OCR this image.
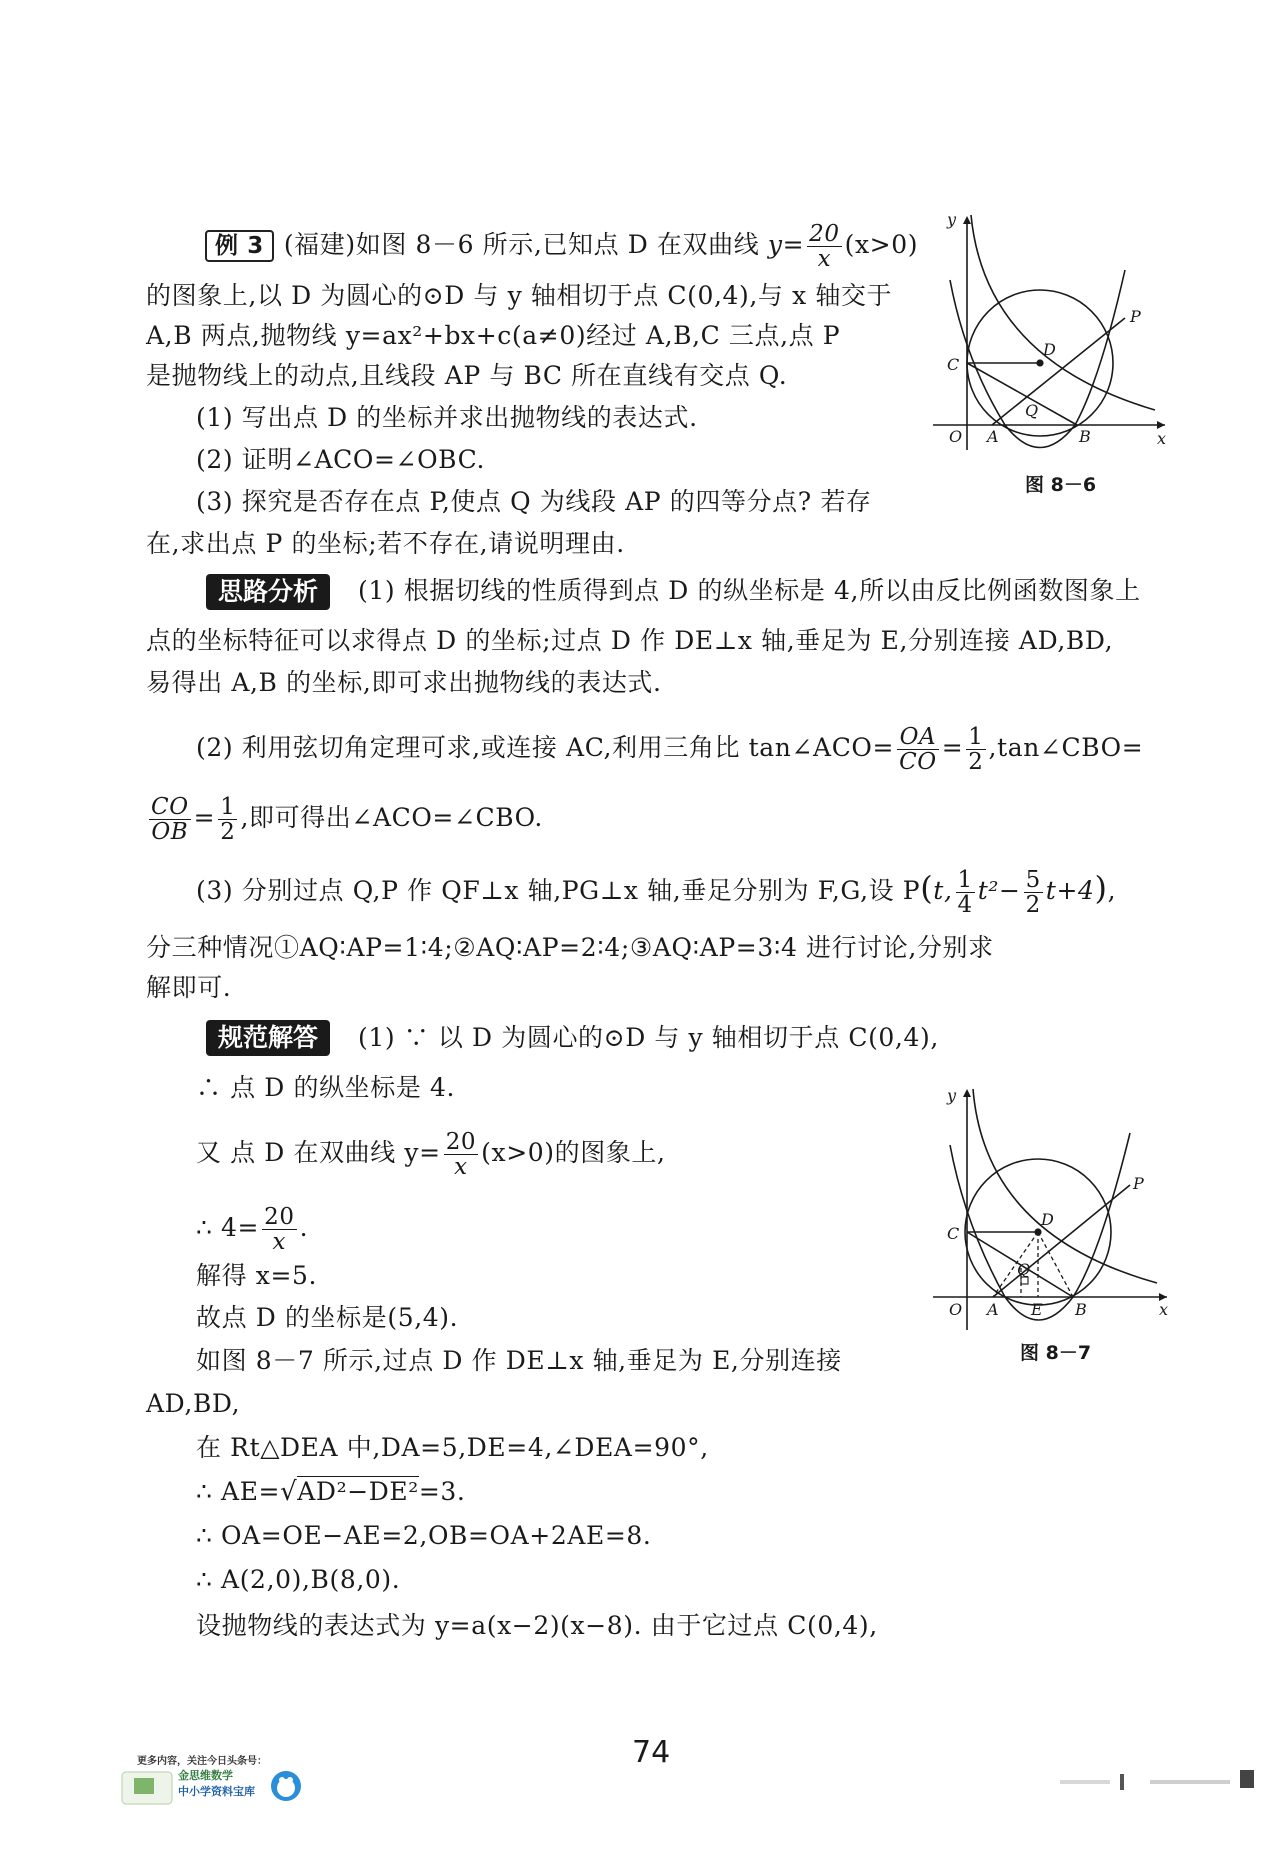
例 3 (福建)如图 8－6 所示,已知点 D 在双曲线 $y= \frac{20}{x} (x>0)$
的图象上,以 D 为圆心的⊙D 与 y 轴相切于点 C(0,4),与 x 轴交于
A,B 两点,抛物线 y=ax²+bx+c(a≠0)经过 A,B,C 三点,点 P
是抛物线上的动点,且线段 AP 与 BC 所在直线有交点 Q.
(1) 写出点 D 的坐标并求出抛物线的表达式.
(2) 证明∠ACO=∠OBC.
(3) 探究是否存在点 P,使点 Q 为线段 AP 的四等分点? 若存
在,求出点 P 的坐标;若不存在,请说明理由.
y
x
O A	B
C
D
P
Q
图 8－6
思路分析	(1) 根据切线的性质得到点 D 的纵坐标是 4,所以由反比例函数图象上
点的坐标特征可以求得点 D 的坐标;过点 D 作 DE⊥x 轴,垂足为 E,分别连接 AD,BD,
易得出 A,B 的坐标,即可求出抛物线的表达式.
(2) 利用弦切角定理可求,或连接 AC,利用三角比 tan∠ACO= $\frac{OA}{CO} = \frac{1}{2}$ ,tan∠CBO=
$\frac{CO}{OB} = \frac{1}{2}$ ,即可得出∠ACO=∠CBO.
(3) 分别过点 Q,P 作 QF⊥x 轴,PG⊥x 轴,垂足分别为 F,G,设 P(t, $\frac{1}{4} t^2- \frac{5}{2} t+4$),
分三种情况①AQ∶AP=1∶4;②AQ∶AP=2∶4;③AQ∶AP=3∶4 进行讨论,分别求
解即可.
规范解答	(1) ∵ 以 D 为圆心的⊙D 与 y 轴相切于点 C(0,4),
∴ 点 D 的纵坐标是 4.
又 点 D 在双曲线 $y= \frac{20}{x} (x>0)$的图象上,
∴ $4= \frac{20}{x}$ .
解得 x=5.
故点 D 的坐标是(5,4).
如图 8－7 所示,过点 D 作 DE⊥x 轴,垂足为 E,分别连接
AD,BD,
在 Rt△DEA 中,DA=5,DE=4,∠DEA=90°,
∴ AE=√AD²−DE²=3.
∴ OA=OE−AE=2,OB=OA+2AE=8.
∴ A(2,0),B(8,0).
设抛物线的表达式为 y=a(x−2)(x−8). 由于它过点 C(0,4),
y
x
O A E B
C
D
P
Q
图 8－7
74
更多内容，关注今日头条号：
金思维数学
中小学资料宝库
